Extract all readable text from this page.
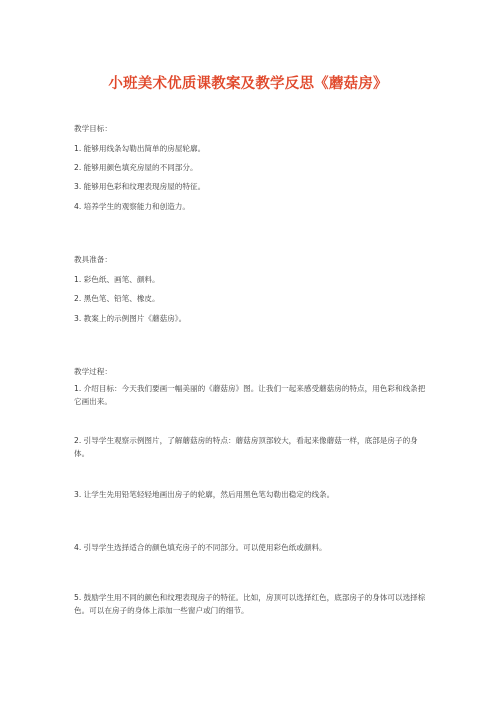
小班美术优质课教案及教学反思《蘑菇房》
教学目标：
1. 能够用线条勾勒出简单的房屋轮廓。
2. 能够用颜色填充房屋的不同部分。
3. 能够用色彩和纹理表现房屋的特征。
4. 培养学生的观察能力和创造力。
教具准备：
1. 彩色纸、画笔、颜料。
2. 黑色笔、铅笔、橡皮。
3. 教案上的示例图片《蘑菇房》。
教学过程：
1. 介绍目标：今天我们要画一幅美丽的《蘑菇房》图。让我们一起来感受蘑菇房的特点，用色彩和线条把它画出来。
2. 引导学生观察示例图片，了解蘑菇房的特点：蘑菇房顶部较大，看起来像蘑菇一样，底部是房子的身体。
3. 让学生先用铅笔轻轻地画出房子的轮廓，然后用黑色笔勾勒出稳定的线条。
4. 引导学生选择适合的颜色填充房子的不同部分。可以使用彩色纸或颜料。
5. 鼓励学生用不同的颜色和纹理表现房子的特征。比如，房顶可以选择红色，底部房子的身体可以选择棕色。可以在房子的身体上添加一些窗户或门的细节。
